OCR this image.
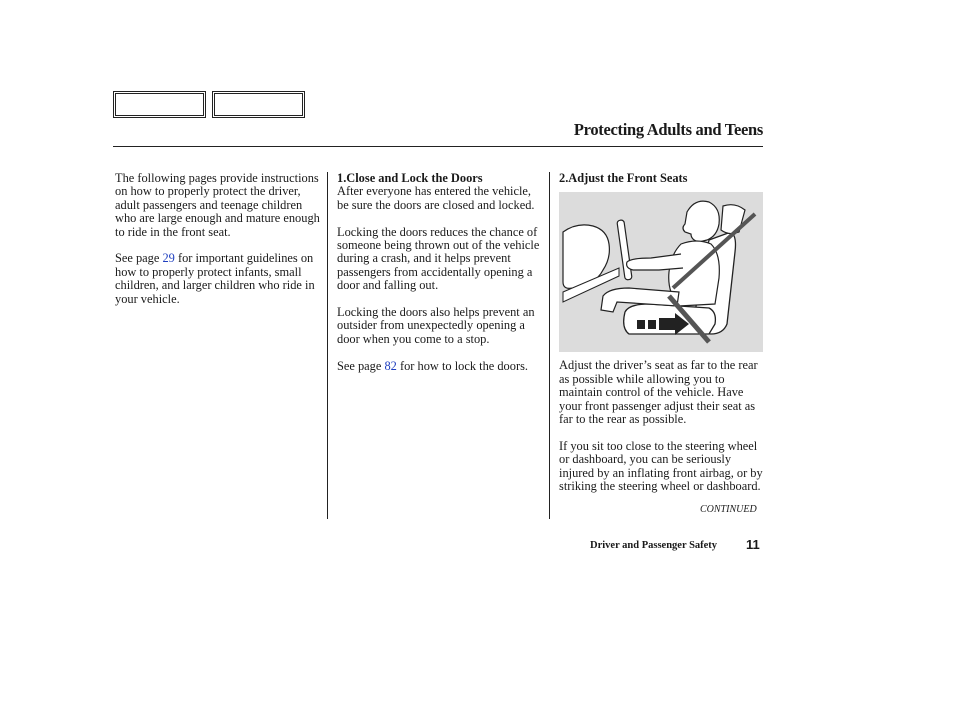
Protecting Adults and Teens

The following pages provide instructions on how to properly protect the driver, adult passengers and teenage children who are large enough and mature enough to ride in the front seat.

See page 29 for important guidelines on how to properly protect infants, small children, and larger children who ride in your vehicle.

1.Close and Lock the Doors

After everyone has entered the vehicle, be sure the doors are closed and locked.

Locking the doors reduces the chance of someone being thrown out of the vehicle during a crash, and it helps prevent passengers from accidentally opening a door and falling out.

Locking the doors also helps prevent an outsider from unexpectedly opening a door when you come to a stop.

See page 82 for how to lock the doors.

2.Adjust the Front Seats

Adjust the driver’s seat as far to the rear as possible while allowing you to maintain control of the vehicle. Have your front passenger adjust their seat as far to the rear as possible.

If you sit too close to the steering wheel or dashboard, you can be seriously injured by an inflating front airbag, or by striking the steering wheel or dashboard.

CONTINUED
Driver and Passenger Safety 11
